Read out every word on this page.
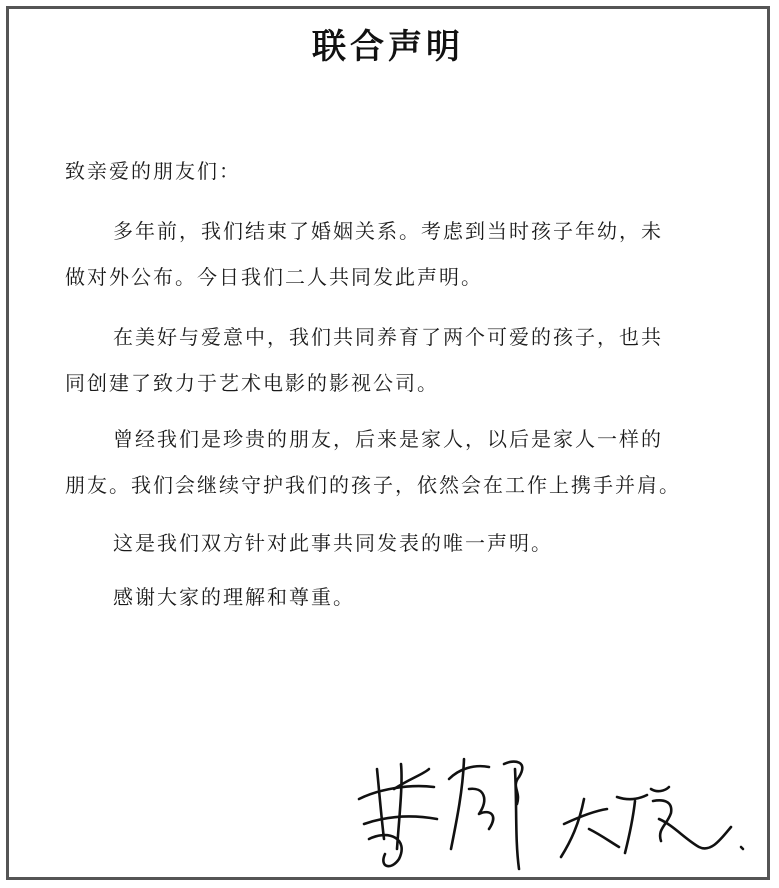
联合声明
致亲爱的朋友们：
多年前，我们结束了婚姻关系。考虑到当时孩子年幼，未
做对外公布。今日我们二人共同发此声明。
在美好与爱意中，我们共同养育了两个可爱的孩子，也共
同创建了致力于艺术电影的影视公司。
曾经我们是珍贵的朋友，后来是家人，以后是家人一样的
朋友。我们会继续守护我们的孩子，依然会在工作上携手并肩。
这是我们双方针对此事共同发表的唯一声明。
感谢大家的理解和尊重。
